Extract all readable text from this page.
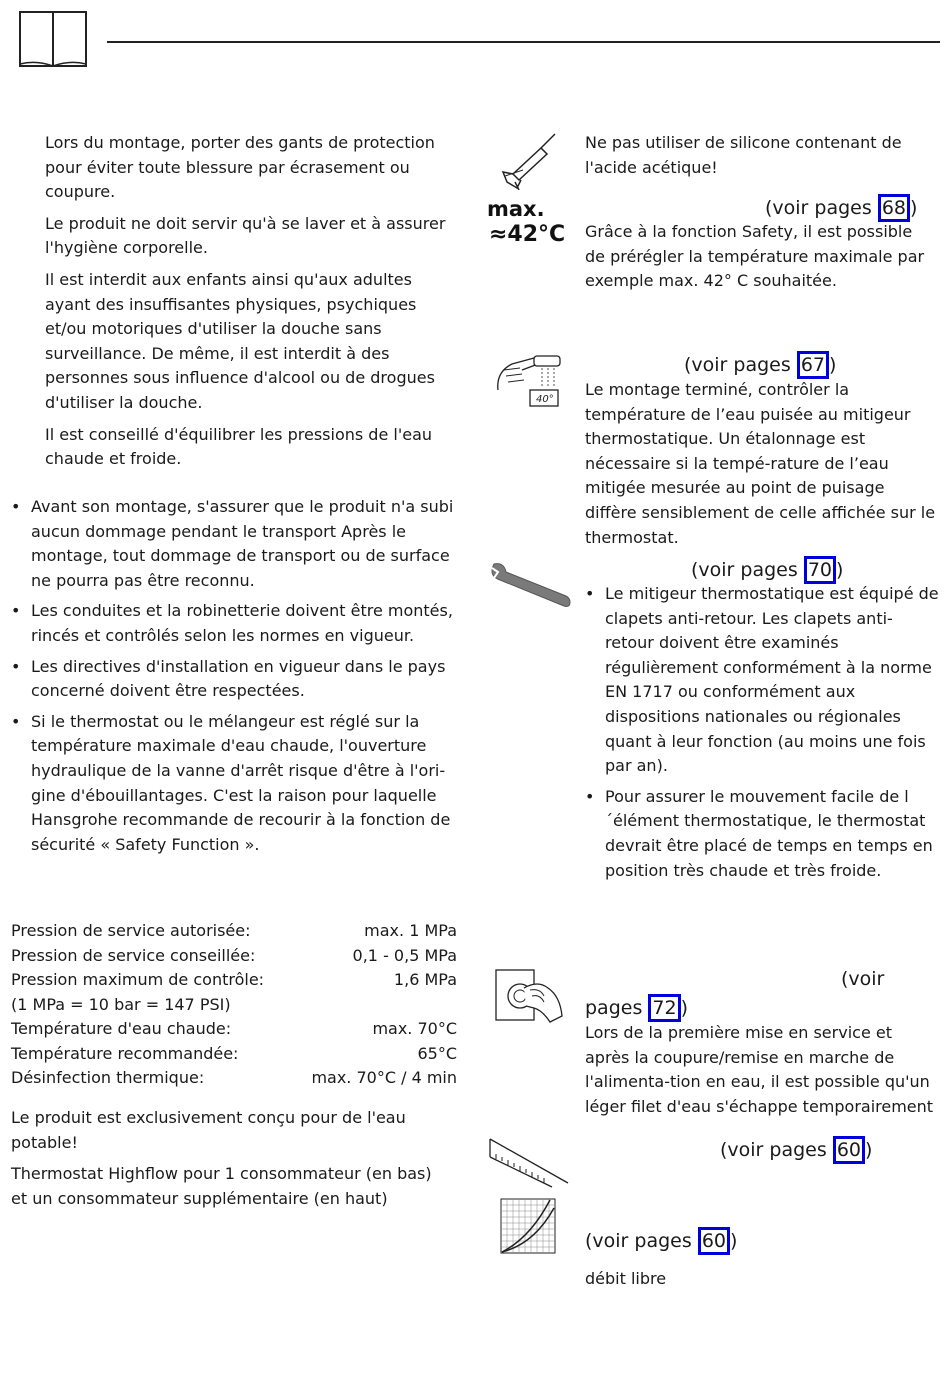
Lors du montage, porter des gants de protection pour éviter toute blessure par écrasement ou coupure.

Le produit ne doit servir qu'à se laver et à assurer l'hygiène corporelle.

Il est interdit aux enfants ainsi qu'aux adultes ayant des insuffisantes physiques, psychiques et/ou motoriques d'utiliser la douche sans surveillance. De même, il est interdit à des personnes sous influence d'alcool ou de drogues d'utiliser la douche.

Il est conseillé d'équilibrer les pressions de l'eau chaude et froide.

• Avant son montage, s'assurer que le produit n'a subi aucun dommage pendant le transport Après le montage, tout dommage de transport ou de surface ne pourra pas être reconnu.
• Les conduites et la robinetterie doivent être montés, rincés et contrôlés selon les normes en vigueur.
• Les directives d'installation en vigueur dans le pays concerné doivent être respectées.
• Si le thermostat ou le mélangeur est réglé sur la température maximale d'eau chaude, l'ouverture hydraulique de la vanne d'arrêt risque d'être à l'ori-gine d'ébouillantages. C'est la raison pour laquelle Hansgrohe recommande de recourir à la fonction de sécurité « Safety Function ».
Pression de service autorisée:	max. 1 MPa
Pression de service conseillée:	0,1 - 0,5 MPa
Pression maximum de contrôle:	1,6 MPa
(1 MPa = 10 bar = 147 PSI)
Température d'eau chaude:	max. 70°C
Température recommandée:	65°C
Désinfection thermique:	max. 70°C / 4 min

Le produit est exclusivement conçu pour de l'eau potable!

Thermostat Highflow pour 1 consommateur (en bas) et un consommateur supplémentaire (en haut)

Ne pas utiliser de silicone contenant de l'acide acétique!

max.
≈42°C
(voir pages 68 )

Grâce à la fonction Safety, il est possible de prérégler la température maximale par exemple max. 42° C souhaitée.

40°
(voir pages 67 )

Le montage terminé, contrôler la température de l’eau puisée au mitigeur thermostatique. Un étalonnage est nécessaire si la tempé-rature de l’eau mitigée mesurée au point de puisage diffère sensiblement de celle affichée sur le thermostat.

(voir pages 70 )
• Le mitigeur thermostatique est équipé de clapets anti-retour. Les clapets anti-retour doivent être examinés régulièrement conformément à la norme EN 1717 ou conformément aux dispositions nationales ou régionales quant à leur fonction (au moins une fois par an).
• Pour assurer le mouvement facile de l´élément thermostatique, le thermostat devrait être placé de temps en temps en position très chaude et très froide.
(voir
pages 72 )

Lors de la première mise en service et après la coupure/remise en marche de l'alimenta-tion en eau, il est possible qu'un léger filet d'eau s'échappe temporairement

(voir pages 60 )
(voir pages 60 )

débit libre
